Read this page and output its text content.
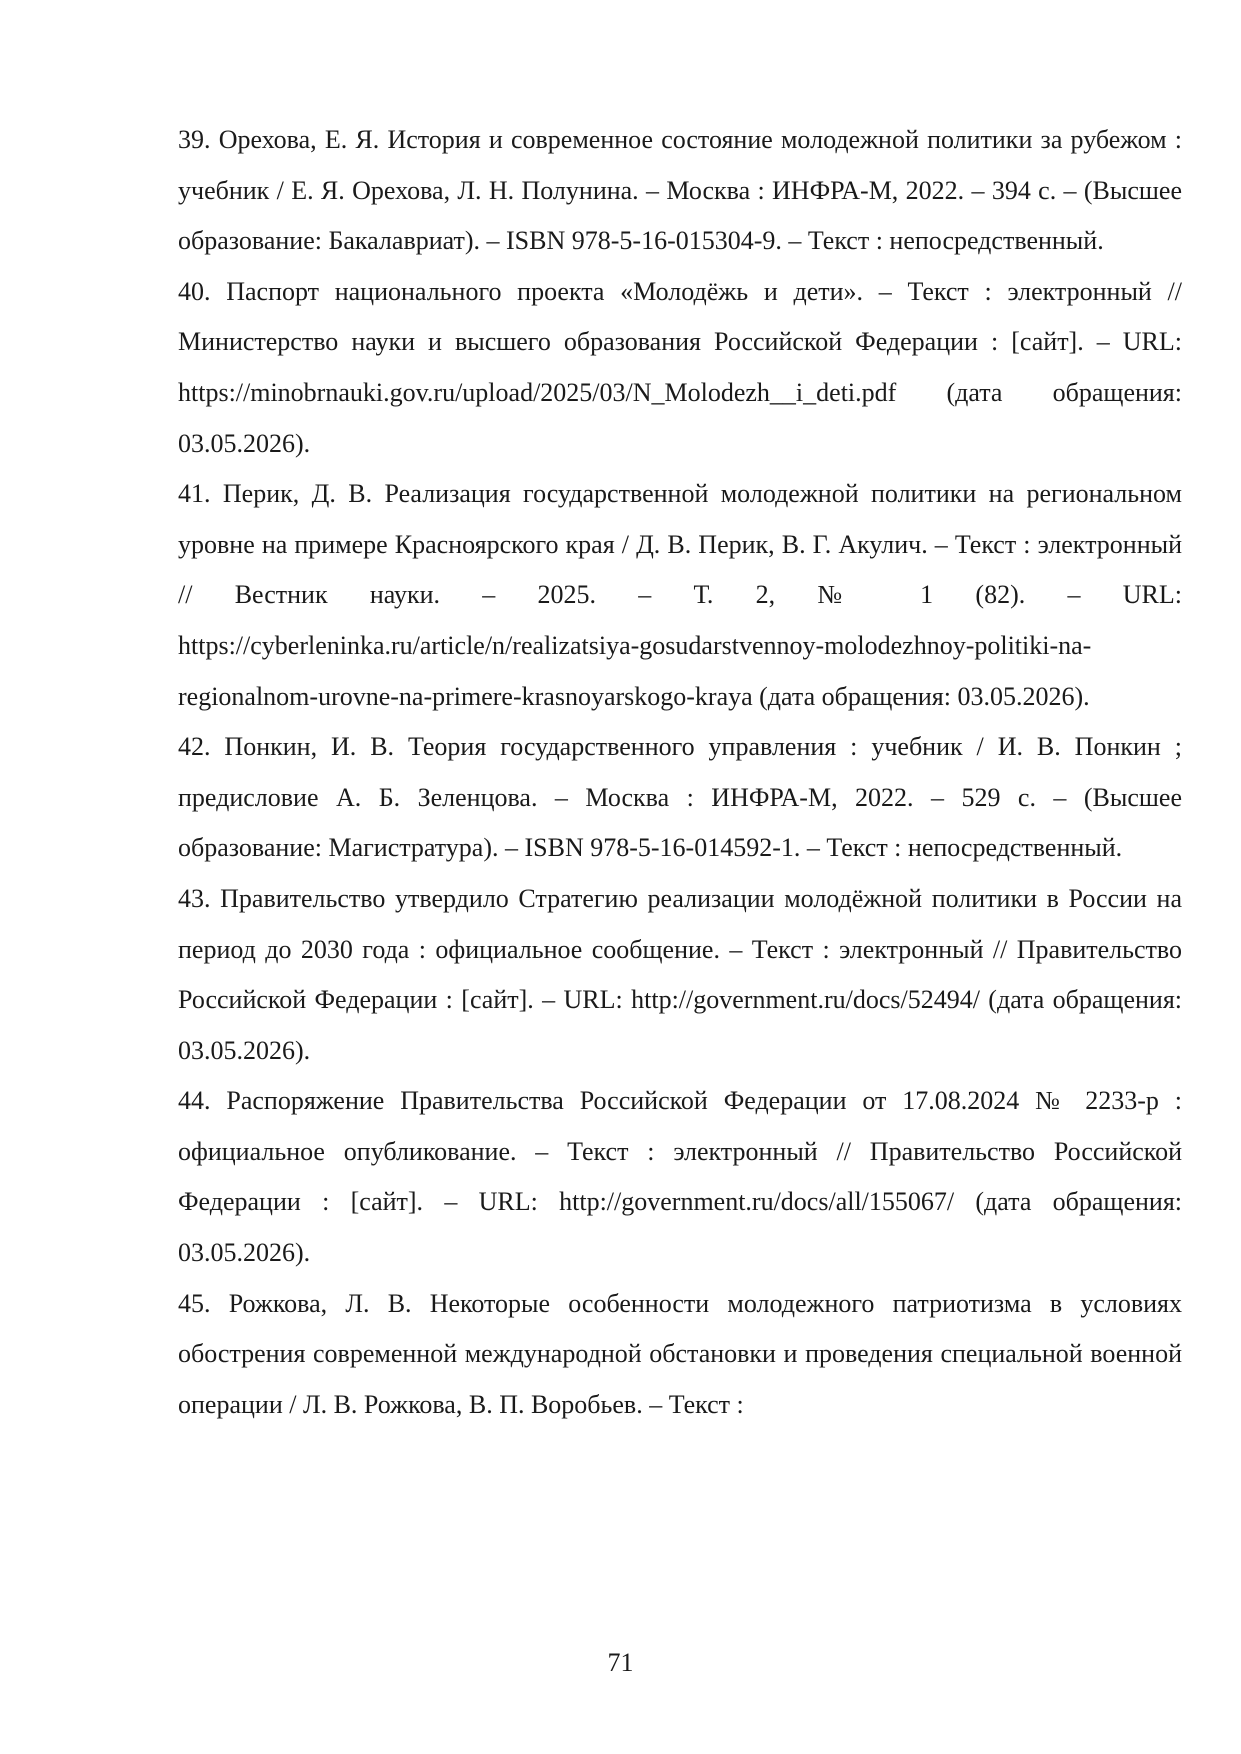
39. Орехова, Е. Я. История и современное состояние молодежной политики за рубежом : учебник / Е. Я. Орехова, Л. Н. Полунина. – Москва : ИНФРА-М, 2022. – 394 с. – (Высшее образование: Бакалавриат). – ISBN 978-5-16-015304-9. – Текст : непосредственный.

40. Паспорт национального проекта «Молодёжь и дети». – Текст : электронный // Министерство науки и высшего образования Российской Федерации : [сайт]. – URL: https://minobrnauki.gov.ru/upload/2025/03/N_Molodezh__i_deti.pdf (дата обращения: 03.05.2026).

41. Перик, Д. В. Реализация государственной молодежной политики на региональном уровне на примере Красноярского края / Д. В. Перик, В. Г. Акулич. – Текст : электронный // Вестник науки. – 2025. – Т. 2, № 1 (82). – URL: https://cyberleninka.ru/article/n/realizatsiya-gosudarstvennoy-molodezhnoy-politiki-na-regionalnom-urovne-na-primere-krasnoyarskogo-kraya (дата обращения: 03.05.2026).

42. Понкин, И. В. Теория государственного управления : учебник / И. В. Понкин ; предисловие А. Б. Зеленцова. – Москва : ИНФРА-М, 2022. – 529 с. – (Высшее образование: Магистратура). – ISBN 978-5-16-014592-1. – Текст : непосредственный.

43. Правительство утвердило Стратегию реализации молодёжной политики в России на период до 2030 года : официальное сообщение. – Текст : электронный // Правительство Российской Федерации : [сайт]. – URL: http://government.ru/docs/52494/ (дата обращения: 03.05.2026).

44. Распоряжение Правительства Российской Федерации от 17.08.2024 № 2233-р : официальное опубликование. – Текст : электронный // Правительство Российской Федерации : [сайт]. – URL: http://government.ru/docs/all/155067/ (дата обращения: 03.05.2026).

45. Рожкова, Л. В. Некоторые особенности молодежного патриотизма в условиях обострения современной международной обстановки и проведения специальной военной операции / Л. В. Рожкова, В. П. Воробьев. – Текст :

71
